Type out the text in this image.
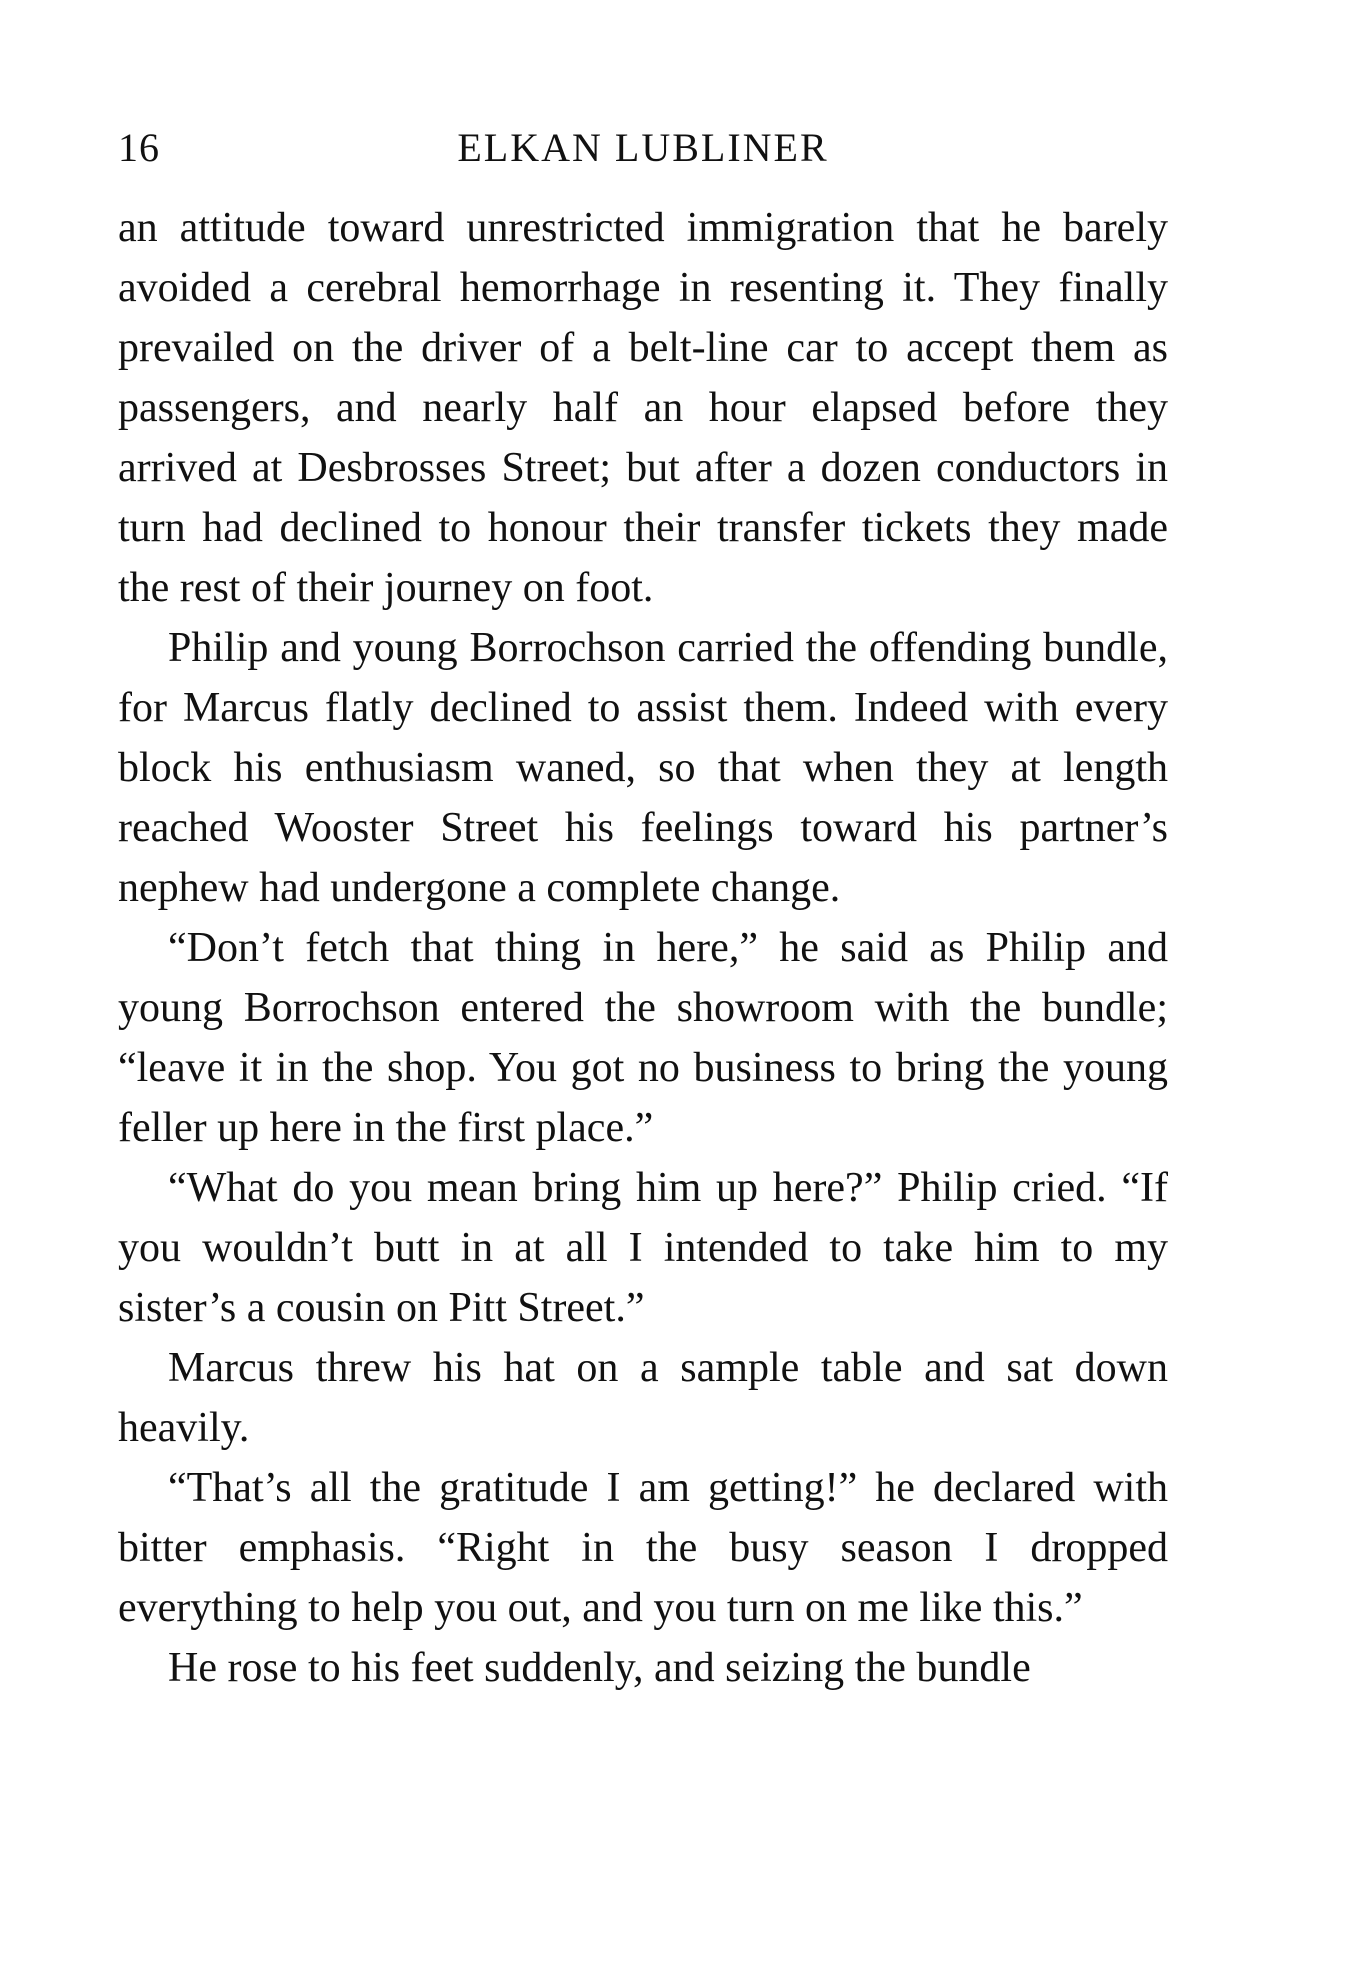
16	ELKAN LUBLINER

an attitude toward unrestricted immigration that he barely avoided a cerebral hemorrhage in resenting it. They finally prevailed on the driver of a belt-line car to accept them as passengers, and nearly half an hour elapsed before they arrived at Desbrosses Street; but after a dozen conductors in turn had declined to honour their transfer tickets they made the rest of their journey on foot.

Philip and young Borrochson carried the offending bundle, for Marcus flatly declined to assist them. Indeed with every block his enthusiasm waned, so that when they at length reached Wooster Street his feelings toward his partner’s nephew had undergone a complete change.

“Don’t fetch that thing in here,” he said as Philip and young Borrochson entered the showroom with the bundle; “leave it in the shop. You got no business to bring the young feller up here in the first place.”

“What do you mean bring him up here?” Philip cried. “If you wouldn’t butt in at all I intended to take him to my sister’s a cousin on Pitt Street.”

Marcus threw his hat on a sample table and sat down heavily.

“That’s all the gratitude I am getting!” he declared with bitter emphasis. “Right in the busy season I dropped everything to help you out, and you turn on me like this.”

He rose to his feet suddenly, and seizing the bundle
